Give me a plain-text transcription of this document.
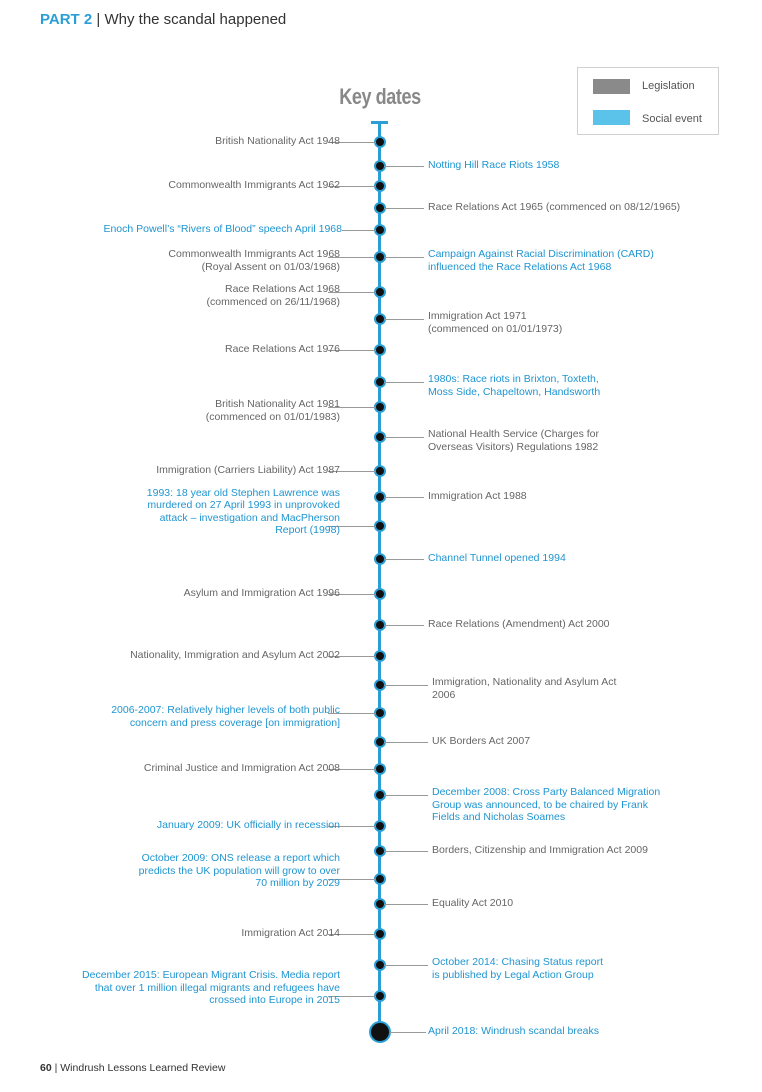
PART 2 | Why the scandal happened
Key dates	Legislation
Social event
British Nationality Act 1948
Notting Hill Race Riots 1958
Commonwealth Immigrants Act 1962
Race Relations Act 1965 (commenced on 08/12/1965)
Enoch Powell’s “Rivers of Blood” speech April 1968
Commonwealth Immigrants Act 1968
(Royal Assent on 01/03/1968)
Campaign Against Racial Discrimination (CARD)
influenced the Race Relations Act 1968
Race Relations Act 1968
(commenced on 26/11/1968)
Immigration Act 1971
(commenced on 01/01/1973)
Race Relations Act 1976
1980s: Race riots in Brixton, Toxteth,
Moss Side, Chapeltown, Handsworth
British Nationality Act 1981
(commenced on 01/01/1983)
National Health Service (Charges for
Overseas Visitors) Regulations 1982
Immigration (Carriers Liability) Act 1987
Immigration Act 1988
1993: 18 year old Stephen Lawrence was
murdered on 27 April 1993 in unprovoked
attack – investigation and MacPherson
Report (1998)
Channel Tunnel opened 1994
Asylum and Immigration Act 1996
Race Relations (Amendment) Act 2000
Nationality, Immigration and Asylum Act 2002
Immigration, Nationality and Asylum Act
2006
2006-2007: Relatively higher levels of both public
concern and press coverage [on immigration]
UK Borders Act 2007
Criminal Justice and Immigration Act 2008
December 2008: Cross Party Balanced Migration
Group was announced, to be chaired by Frank
Fields and Nicholas Soames
January 2009: UK officially in recession
Borders, Citizenship and Immigration Act 2009
October 2009: ONS release a report which
predicts the UK population will grow to over
70 million by 2029
Equality Act 2010
Immigration Act 2014
October 2014: Chasing Status report
is published by Legal Action Group
December 2015: European Migrant Crisis. Media report
that over 1 million illegal migrants and refugees have
crossed into Europe in 2015
April 2018: Windrush scandal breaks
60 | Windrush Lessons Learned Review
